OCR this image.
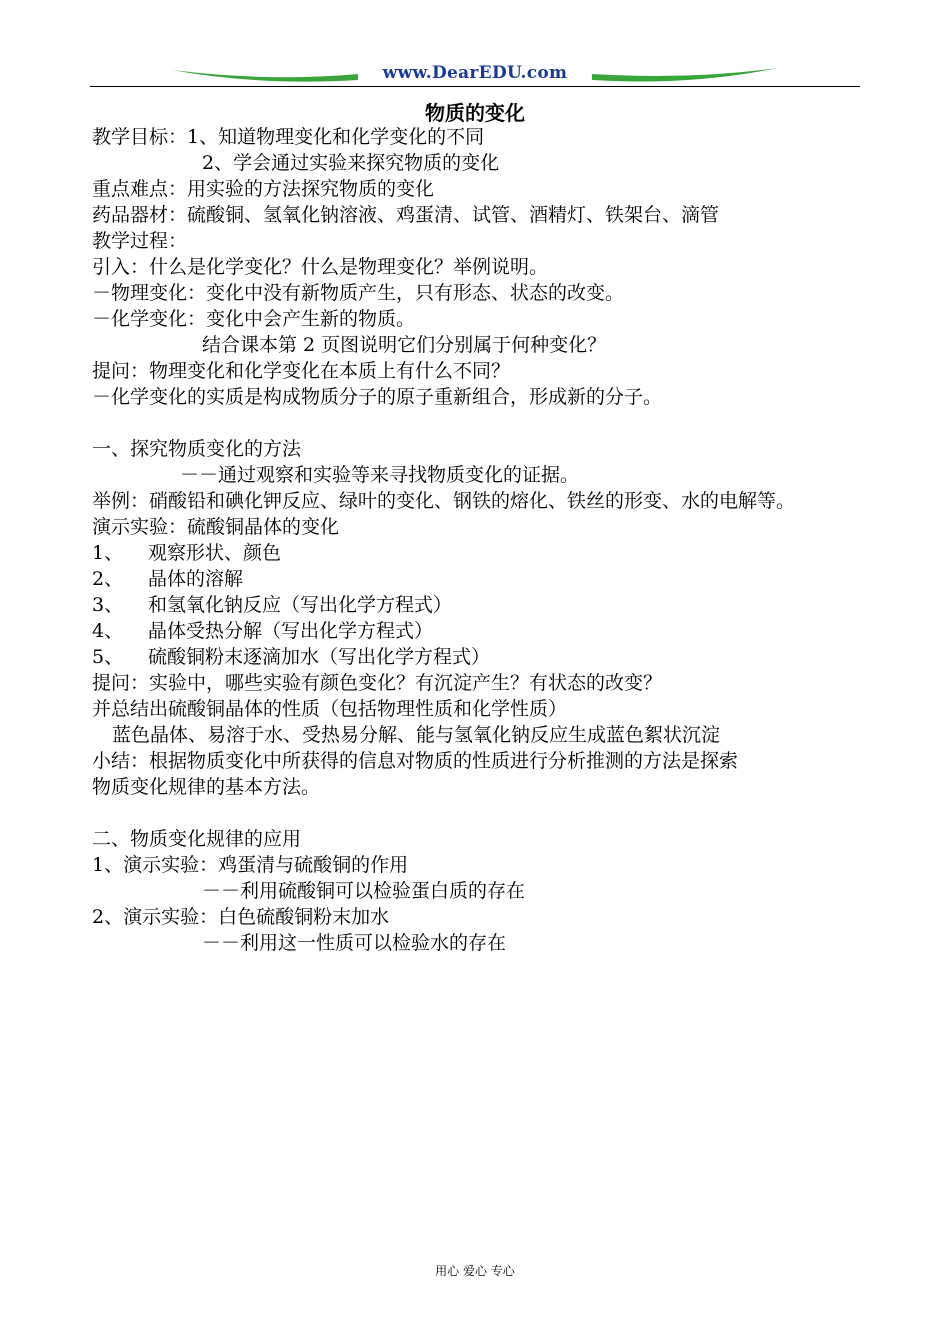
www.DearEDU.com
物质的变化
教学目标：1、知道物理变化和化学变化的不同
2、学会通过实验来探究物质的变化
重点难点：用实验的方法探究物质的变化
药品器材：硫酸铜、氢氧化钠溶液、鸡蛋清、试管、酒精灯、铁架台、滴管
教学过程：
引入：什么是化学变化？什么是物理变化？举例说明。
－物理变化：变化中没有新物质产生，只有形态、状态的改变。
－化学变化：变化中会产生新的物质。
结合课本第 2 页图说明它们分别属于何种变化？
提问：物理变化和化学变化在本质上有什么不同？
－化学变化的实质是构成物质分子的原子重新组合，形成新的分子。
一、探究物质变化的方法
－－通过观察和实验等来寻找物质变化的证据。
举例：硝酸铅和碘化钾反应、绿叶的变化、钢铁的熔化、铁丝的形变、水的电解等。
演示实验：硫酸铜晶体的变化
1、 观察形状、颜色
2、 晶体的溶解
3、 和氢氧化钠反应（写出化学方程式）
4、 晶体受热分解（写出化学方程式）
5、 硫酸铜粉末逐滴加水（写出化学方程式）
提问：实验中，哪些实验有颜色变化？有沉淀产生？有状态的改变？
并总结出硫酸铜晶体的性质（包括物理性质和化学性质）
蓝色晶体、易溶于水、受热易分解、能与氢氧化钠反应生成蓝色絮状沉淀
小结：根据物质变化中所获得的信息对物质的性质进行分析推测的方法是探索
物质变化规律的基本方法。
二、物质变化规律的应用
1、演示实验：鸡蛋清与硫酸铜的作用
－－利用硫酸铜可以检验蛋白质的存在
2、演示实验：白色硫酸铜粉末加水
－－利用这一性质可以检验水的存在
用心 爱心 专心
